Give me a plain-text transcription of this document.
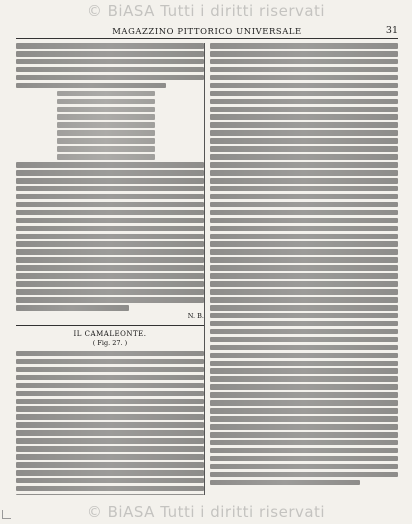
© BiASA Tutti i diritti riservati
MAGAZZINO PITTORICO UNIVERSALE	31
N. B.
IL CAMALEONTE.
( Fig. 27. )
© BiASA Tutti i diritti riservati
